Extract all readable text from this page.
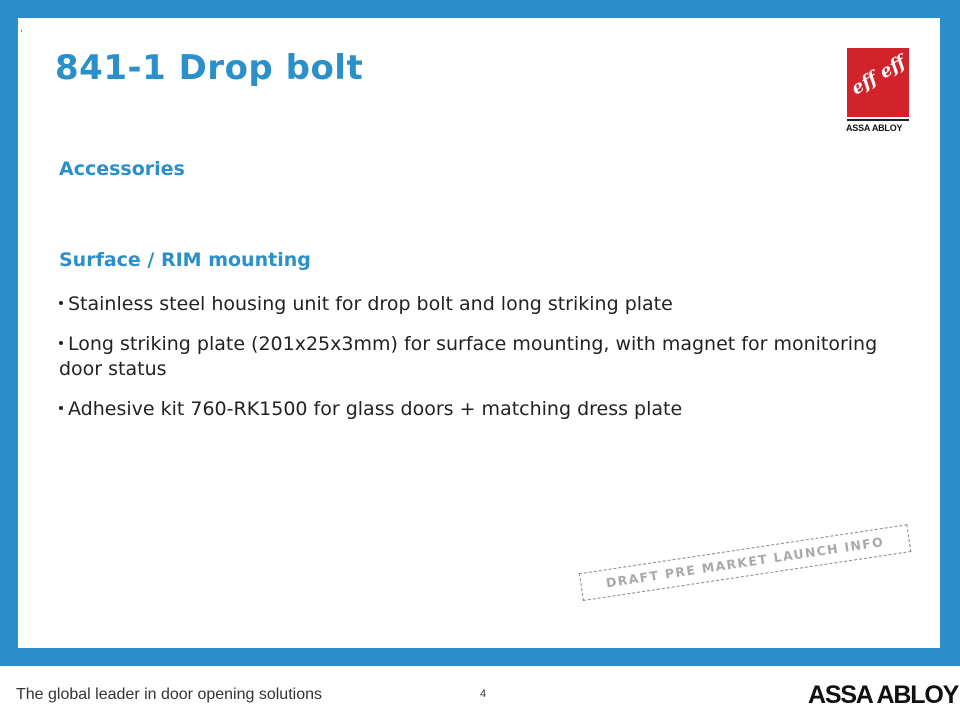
,
841-1 Drop bolt	eff eff
ASSA ABLOY
Accessories
Surface / RIM mounting
Stainless steel housing unit for drop bolt and long striking plate
Long striking plate (201x25x3mm) for surface mounting, with magnet for monitoring door status
Adhesive kit 760-RK1500 for glass doors + matching dress plate
DRAFT PRE MARKET LAUNCH INFO
The global leader in door opening solutions	4	ASSA ABLOY
